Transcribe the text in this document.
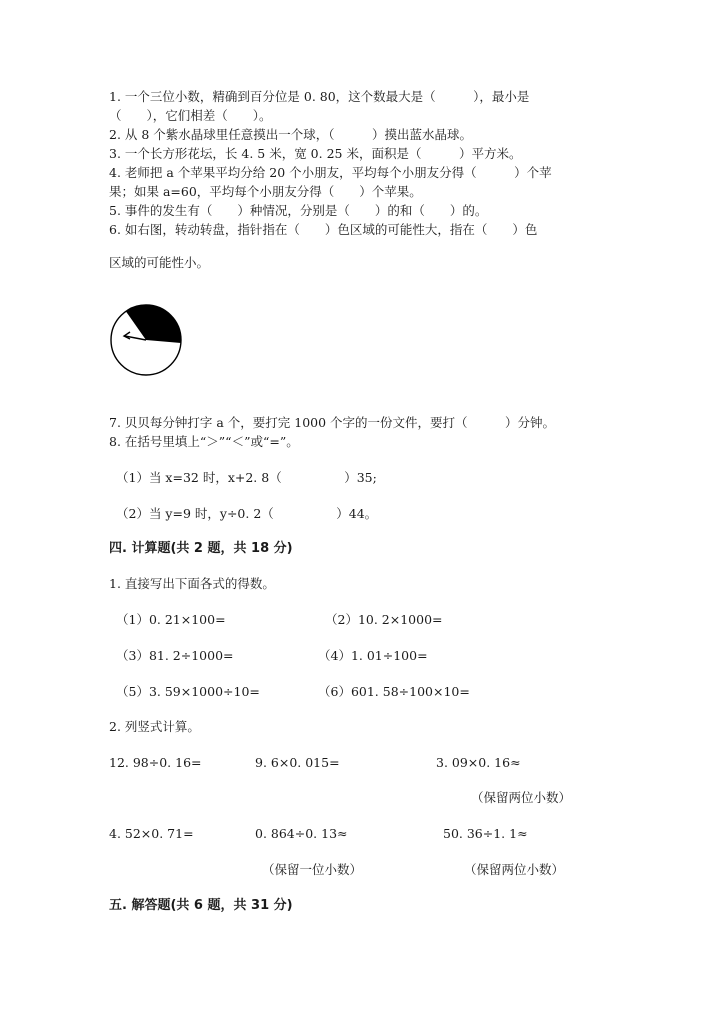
1. 一个三位小数，精确到百分位是 0. 80，这个数最大是（　　　），最小是
（　　），它们相差（　　）。
2. 从 8 个紫水晶球里任意摸出一个球，（　　　）摸出蓝水晶球。
3. 一个长方形花坛，长 4. 5 米，宽 0. 25 米，面积是（　　　）平方米。
4. 老师把 a 个苹果平均分给 20 个小朋友，平均每个小朋友分得（　　　）个苹
果；如果 a=60，平均每个小朋友分得（　　）个苹果。
5. 事件的发生有（　　）种情况，分别是（　　）的和（　　）的。
6. 如右图，转动转盘，指针指在（　　）色区域的可能性大，指在（　　）色
区域的可能性小。
7. 贝贝每分钟打字 a 个，要打完 1000 个字的一份文件，要打（　　　）分钟。
8. 在括号里填上“＞”“＜”或“=”。
（1）当 x=32 时，x+2. 8（　　　　　）35;
（2）当 y=9 时，y÷0. 2（　　　　　）44。
四. 计算题(共 2 题，共 18 分)
1. 直接写出下面各式的得数。
（1）0. 21×100=	（2）10. 2×1000=
（3）81. 2÷1000=	（4）1. 01÷100=
（5）3. 59×1000÷10=	（6）601. 58÷100×10=
2. 列竖式计算。
12. 98÷0. 16=	9. 6×0. 015=	3. 09×0. 16≈
（保留两位小数）
4. 52×0. 71=	0. 864÷0. 13≈	50. 36÷1. 1≈
（保留一位小数）	（保留两位小数）
五. 解答题(共 6 题，共 31 分)
